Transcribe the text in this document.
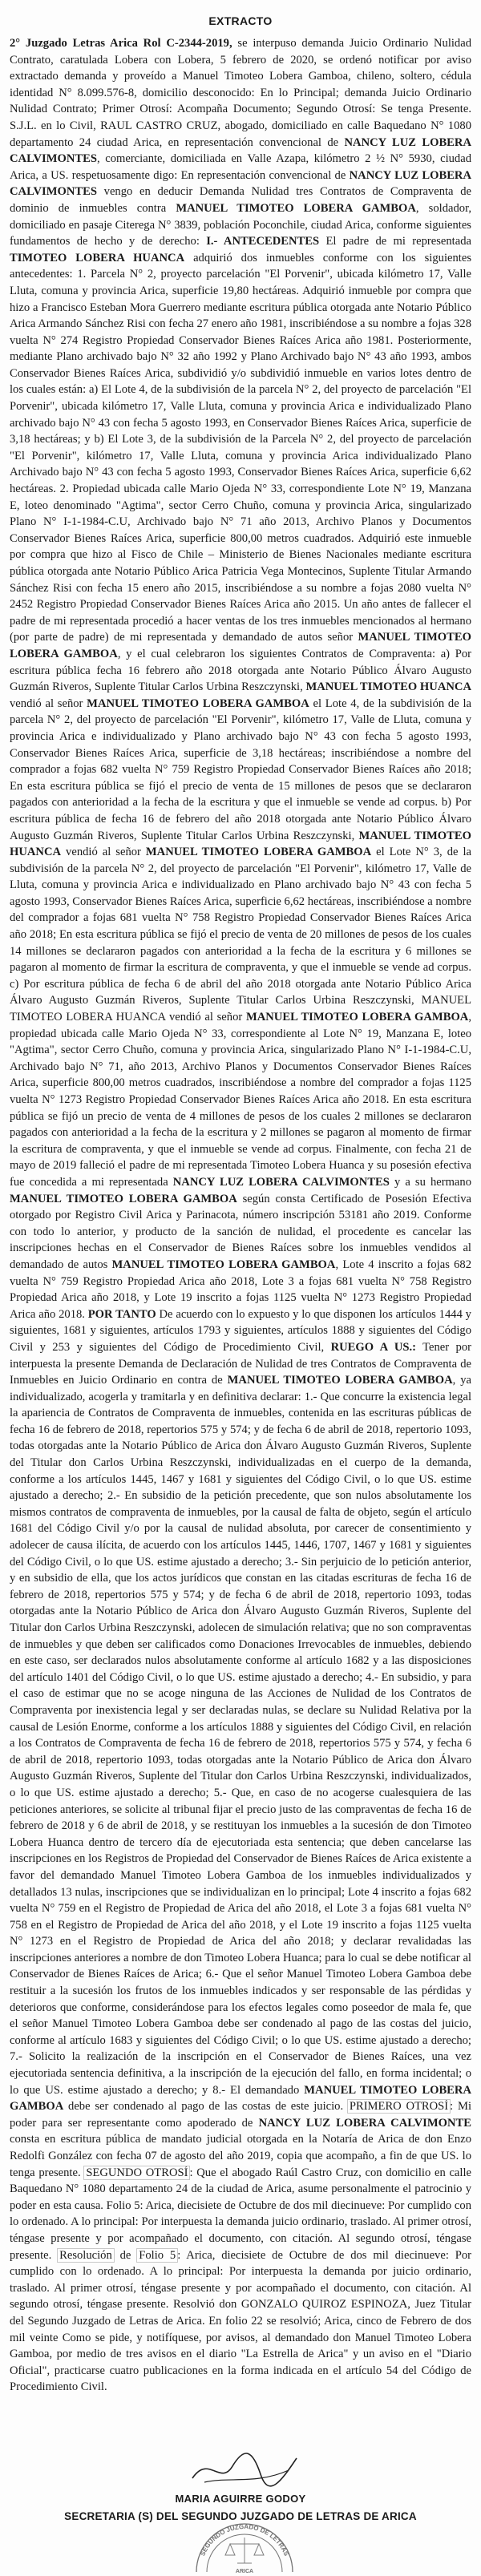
EXTRACTO

2° Juzgado Letras Arica Rol C-2344-2019, se interpuso demanda Juicio Ordinario Nulidad Contrato, caratulada Lobera con Lobera, 5 febrero de 2020, se ordenó notificar por aviso extractado demanda y proveído a Manuel Timoteo Lobera Gamboa, chileno, soltero, cédula identidad N° 8.099.576-8, domicilio desconocido: En lo Principal; demanda Juicio Ordinario Nulidad Contrato; Primer Otrosí: Acompaña Documento; Segundo Otrosí: Se tenga Presente. S.J.L. en lo Civil, RAUL CASTRO CRUZ, abogado, domiciliado en calle Baquedano N° 1080 departamento 24 ciudad Arica, en representación convencional de NANCY LUZ LOBERA CALVIMONTES, comerciante, domiciliada en Valle Azapa, kilómetro 2 ½ N° 5930, ciudad Arica, a US. respetuosamente digo: En representación convencional de NANCY LUZ LOBERA CALVIMONTES vengo en deducir Demanda Nulidad tres Contratos de Compraventa de dominio de inmuebles contra MANUEL TIMOTEO LOBERA GAMBOA, soldador, domiciliado en pasaje Citerega N° 3839, población Poconchile, ciudad Arica, conforme siguientes fundamentos de hecho y de derecho: I.- ANTECEDENTES El padre de mi representada TIMOTEO LOBERA HUANCA adquirió dos inmuebles conforme con los siguientes antecedentes: 1. Parcela N° 2, proyecto parcelación "El Porvenir", ubicada kilómetro 17, Valle Lluta, comuna y provincia Arica, superficie 19,80 hectáreas. Adquirió inmueble por compra que hizo a Francisco Esteban Mora Guerrero mediante escritura pública otorgada ante Notario Público Arica Armando Sánchez Risi con fecha 27 enero año 1981, inscribiéndose a su nombre a fojas 328 vuelta N° 274 Registro Propiedad Conservador Bienes Raíces Arica año 1981. Posteriormente, mediante Plano archivado bajo N° 32 año 1992 y Plano Archivado bajo N° 43 año 1993, ambos Conservador Bienes Raíces Arica, subdividió y/o subdividió inmueble en varios lotes dentro de los cuales están: a) El Lote 4, de la subdivisión de la parcela N° 2, del proyecto de parcelación "El Porvenir", ubicada kilómetro 17, Valle Lluta, comuna y provincia Arica e individualizado Plano archivado bajo N° 43 con fecha 5 agosto 1993, en Conservador Bienes Raíces Arica, superficie de 3,18 hectáreas; y b) El Lote 3, de la subdivisión de la Parcela N° 2, del proyecto de parcelación "El Porvenir", kilómetro 17, Valle Lluta, comuna y provincia Arica individualizado Plano Archivado bajo N° 43 con fecha 5 agosto 1993, Conservador Bienes Raíces Arica, superficie 6,62 hectáreas. 2. Propiedad ubicada calle Mario Ojeda N° 33, correspondiente Lote N° 19, Manzana E, loteo denominado "Agtima", sector Cerro Chuño, comuna y provincia Arica, singularizado Plano N° I-1-1984-C.U, Archivado bajo N° 71 año 2013, Archivo Planos y Documentos Conservador Bienes Raíces Arica, superficie 800,00 metros cuadrados. Adquirió este inmueble por compra que hizo al Fisco de Chile – Ministerio de Bienes Nacionales mediante escritura pública otorgada ante Notario Público Arica Patricia Vega Montecinos, Suplente Titular Armando Sánchez Risi con fecha 15 enero año 2015, inscribiéndose a su nombre a fojas 2080 vuelta N° 2452 Registro Propiedad Conservador Bienes Raíces Arica año 2015. Un año antes de fallecer el padre de mi representada procedió a hacer ventas de los tres inmuebles mencionados al hermano (por parte de padre) de mi representada y demandado de autos señor MANUEL TIMOTEO LOBERA GAMBOA, y el cual celebraron los siguientes Contratos de Compraventa: a) Por escritura pública fecha 16 febrero año 2018 otorgada ante Notario Público Álvaro Augusto Guzmán Riveros, Suplente Titular Carlos Urbina Reszczynski, MANUEL TIMOTEO HUANCA vendió al señor MANUEL TIMOTEO LOBERA GAMBOA el Lote 4, de la subdivisión de la parcela N° 2, del proyecto de parcelación "El Porvenir", kilómetro 17, Valle de Lluta, comuna y provincia Arica e individualizado y Plano archivado bajo N° 43 con fecha 5 agosto 1993, Conservador Bienes Raíces Arica, superficie de 3,18 hectáreas; inscribiéndose a nombre del comprador a fojas 682 vuelta N° 759 Registro Propiedad Conservador Bienes Raíces año 2018; En esta escritura pública se fijó el precio de venta de 15 millones de pesos que se declararon pagados con anterioridad a la fecha de la escritura y que el inmueble se vende ad corpus. b) Por escritura pública de fecha 16 de febrero del año 2018 otorgada ante Notario Público Álvaro Augusto Guzmán Riveros, Suplente Titular Carlos Urbina Reszczynski, MANUEL TIMOTEO HUANCA vendió al señor MANUEL TIMOTEO LOBERA GAMBOA el Lote N° 3, de la subdivisión de la parcela N° 2, del proyecto de parcelación "El Porvenir", kilómetro 17, Valle de Lluta, comuna y provincia Arica e individualizado en Plano archivado bajo N° 43 con fecha 5 agosto 1993, Conservador Bienes Raíces Arica, superficie 6,62 hectáreas, inscribiéndose a nombre del comprador a fojas 681 vuelta N° 758 Registro Propiedad Conservador Bienes Raíces Arica año 2018; En esta escritura pública se fijó el precio de venta de 20 millones de pesos de los cuales 14 millones se declararon pagados con anterioridad a la fecha de la escritura y 6 millones se pagaron al momento de firmar la escritura de compraventa, y que el inmueble se vende ad corpus. c) Por escritura pública de fecha 6 de abril del año 2018 otorgada ante Notario Público Arica Álvaro Augusto Guzmán Riveros, Suplente Titular Carlos Urbina Reszczynski, MANUEL TIMOTEO LOBERA HUANCA vendió al señor MANUEL TIMOTEO LOBERA GAMBOA, propiedad ubicada calle Mario Ojeda N° 33, correspondiente al Lote N° 19, Manzana E, loteo "Agtima", sector Cerro Chuño, comuna y provincia Arica, singularizado Plano N° I-1-1984-C.U, Archivado bajo N° 71, año 2013, Archivo Planos y Documentos Conservador Bienes Raíces Arica, superficie 800,00 metros cuadrados, inscribiéndose a nombre del comprador a fojas 1125 vuelta N° 1273 Registro Propiedad Conservador Bienes Raíces Arica año 2018. En esta escritura pública se fijó un precio de venta de 4 millones de pesos de los cuales 2 millones se declararon pagados con anterioridad a la fecha de la escritura y 2 millones se pagaron al momento de firmar la escritura de compraventa, y que el inmueble se vende ad corpus. Finalmente, con fecha 21 de mayo de 2019 falleció el padre de mi representada Timoteo Lobera Huanca y su posesión efectiva fue concedida a mi representada NANCY LUZ LOBERA CALVIMONTES y a su hermano MANUEL TIMOTEO LOBERA GAMBOA según consta Certificado de Posesión Efectiva otorgado por Registro Civil Arica y Parinacota, número inscripción 53181 año 2019. Conforme con todo lo anterior, y producto de la sanción de nulidad, el procedente es cancelar las inscripciones hechas en el Conservador de Bienes Raíces sobre los inmuebles vendidos al demandado de autos MANUEL TIMOTEO LOBERA GAMBOA, Lote 4 inscrito a fojas 682 vuelta N° 759 Registro Propiedad Arica año 2018, Lote 3 a fojas 681 vuelta N° 758 Registro Propiedad Arica año 2018, y Lote 19 inscrito a fojas 1125 vuelta N° 1273 Registro Propiedad Arica año 2018. POR TANTO De acuerdo con lo expuesto y lo que disponen los artículos 1444 y siguientes, 1681 y siguientes, artículos 1793 y siguientes, artículos 1888 y siguientes del Código Civil y 253 y siguientes del Código de Procedimiento Civil, RUEGO A US.: Tener por interpuesta la presente Demanda de Declaración de Nulidad de tres Contratos de Compraventa de Inmuebles en Juicio Ordinario en contra de MANUEL TIMOTEO LOBERA GAMBOA, ya individualizado, acogerla y tramitarla y en definitiva declarar: 1.- Que concurre la existencia legal la apariencia de Contratos de Compraventa de inmuebles, contenida en las escrituras públicas de fecha 16 de febrero de 2018, repertorios 575 y 574; y de fecha 6 de abril de 2018, repertorio 1093, todas otorgadas ante la Notario Público de Arica don Álvaro Augusto Guzmán Riveros, Suplente del Titular don Carlos Urbina Reszczynski, individualizadas en el cuerpo de la demanda, conforme a los artículos 1445, 1467 y 1681 y siguientes del Código Civil, o lo que US. estime ajustado a derecho; 2.- En subsidio de la petición precedente, que son nulos absolutamente los mismos contratos de compraventa de inmuebles, por la causal de falta de objeto, según el artículo 1681 del Código Civil y/o por la causal de nulidad absoluta, por carecer de consentimiento y adolecer de causa ilícita, de acuerdo con los artículos 1445, 1446, 1707, 1467 y 1681 y siguientes del Código Civil, o lo que US. estime ajustado a derecho; 3.- Sin perjuicio de lo petición anterior, y en subsidio de ella, que los actos jurídicos que constan en las citadas escrituras de fecha 16 de febrero de 2018, repertorios 575 y 574; y de fecha 6 de abril de 2018, repertorio 1093, todas otorgadas ante la Notario Público de Arica don Álvaro Augusto Guzmán Riveros, Suplente del Titular don Carlos Urbina Reszczynski, adolecen de simulación relativa; que no son compraventas de inmuebles y que deben ser calificados como Donaciones Irrevocables de inmuebles, debiendo en este caso, ser declarados nulos absolutamente conforme al artículo 1682 y a las disposiciones del artículo 1401 del Código Civil, o lo que US. estime ajustado a derecho; 4.- En subsidio, y para el caso de estimar que no se acoge ninguna de las Acciones de Nulidad de los Contratos de Compraventa por inexistencia legal y ser declaradas nulas, se declare su Nulidad Relativa por la causal de Lesión Enorme, conforme a los artículos 1888 y siguientes del Código Civil, en relación a los Contratos de Compraventa de fecha 16 de febrero de 2018, repertorios 575 y 574, y fecha 6 de abril de 2018, repertorio 1093, todas otorgadas ante la Notario Público de Arica don Álvaro Augusto Guzmán Riveros, Suplente del Titular don Carlos Urbina Reszczynski, individualizados, o lo que US. estime ajustado a derecho; 5.- Que, en caso de no acogerse cualesquiera de las peticiones anteriores, se solicite al tribunal fijar el precio justo de las compraventas de fecha 16 de febrero de 2018 y 6 de abril de 2018, y se restituyan los inmuebles a la sucesión de don Timoteo Lobera Huanca dentro de tercero día de ejecutoriada esta sentencia; que deben cancelarse las inscripciones en los Registros de Propiedad del Conservador de Bienes Raíces de Arica existente a favor del demandado Manuel Timoteo Lobera Gamboa de los inmuebles individualizados y detallados 13 nulas, inscripciones que se individualizan en lo principal; Lote 4 inscrito a fojas 682 vuelta N° 759 en el Registro de Propiedad de Arica del año 2018, el Lote 3 a fojas 681 vuelta N° 758 en el Registro de Propiedad de Arica del año 2018, y el Lote 19 inscrito a fojas 1125 vuelta N° 1273 en el Registro de Propiedad de Arica del año 2018; y declarar revalidadas las inscripciones anteriores a nombre de don Timoteo Lobera Huanca; para lo cual se debe notificar al Conservador de Bienes Raíces de Arica; 6.- Que el señor Manuel Timoteo Lobera Gamboa debe restituir a la sucesión los frutos de los inmuebles indicados y ser responsable de las pérdidas y deterioros que conforme, considerándose para los efectos legales como poseedor de mala fe, que el señor Manuel Timoteo Lobera Gamboa debe ser condenado al pago de las costas del juicio, conforme al artículo 1683 y siguientes del Código Civil; o lo que US. estime ajustado a derecho; 7.- Solicito la realización de la inscripción en el Conservador de Bienes Raíces, una vez ejecutoriada sentencia definitiva, a la inscripción de la ejecución del fallo, en forma incidental; o lo que US. estime ajustado a derecho; y 8.- El demandado MANUEL TIMOTEO LOBERA GAMBOA debe ser condenado al pago de las costas de este juicio. PRIMERO OTROSÍ : Mi poder para ser representante como apoderado de NANCY LUZ LOBERA CALVIMONTE consta en escritura pública de mandato judicial otorgada en la Notaría de Arica de don Enzo Redolfi González con fecha 07 de agosto del año 2019, copia que acompaño, a fin de que US. lo tenga presente. SEGUNDO OTROSÍ : Que el abogado Raúl Castro Cruz, con domicilio en calle Baquedano N° 1080 departamento 24 de la ciudad de Arica, asume personalmente el patrocinio y poder en esta causa. Folio 5: Arica, diecisiete de Octubre de dos mil diecinueve: Por cumplido con lo ordenado. A lo principal: Por interpuesta la demanda juicio ordinario, traslado. Al primer otrosí, téngase presente y por acompañado el documento, con citación. Al segundo otrosí, téngase presente. Resolución de Folio 5 : Arica, diecisiete de Octubre de dos mil diecinueve: Por cumplido con lo ordenado. A lo principal: Por interpuesta la demanda por juicio ordinario, traslado. Al primer otrosí, téngase presente y por acompañado el documento, con citación. Al segundo otrosí, téngase presente. Resolvió don GONZALO QUIROZ ESPINOZA, Juez Titular del Segundo Juzgado de Letras de Arica. En folio 22 se resolvió; Arica, cinco de Febrero de dos mil veinte Como se pide, y notifíquese, por avisos, al demandado don Manuel Timoteo Lobera Gamboa, por medio de tres avisos en el diario "La Estrella de Arica" y un aviso en el "Diario Oficial", practicarse cuatro publicaciones en la forma indicada en el artículo 54 del Código de Procedimiento Civil.

SEGUNDO JUZGADO DE LETRAS
ARICA
MARIA AGUIRRE GODOY
SECRETARIA (S) DEL SEGUNDO JUZGADO DE LETRAS DE ARICA
